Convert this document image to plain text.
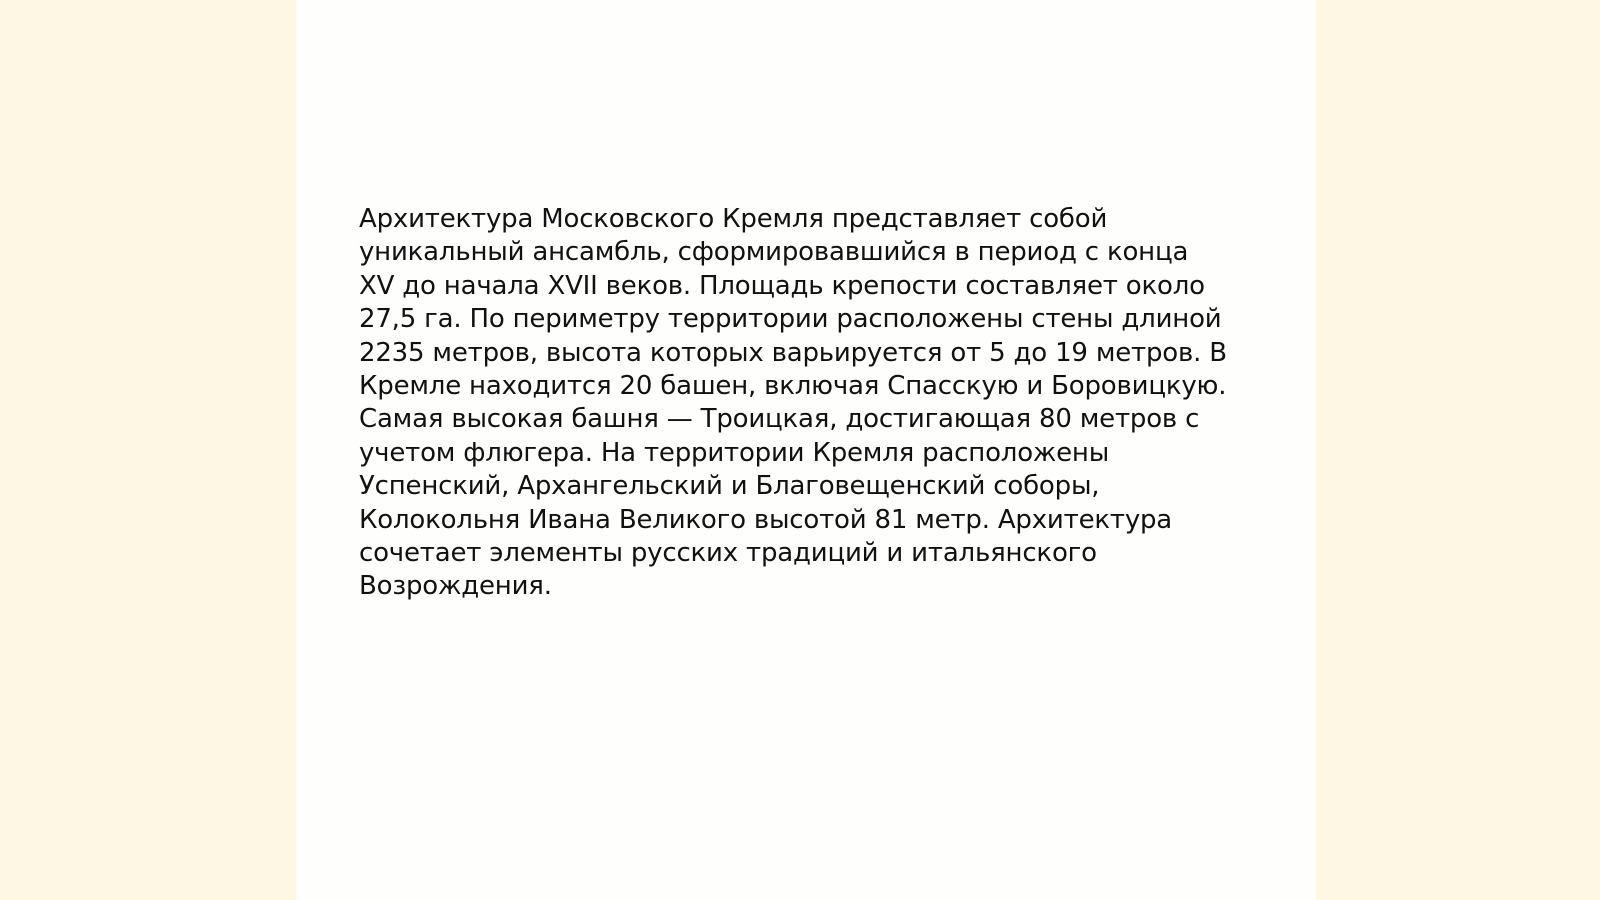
Архитектура Московского Кремля представляет собой
уникальный ансамбль, сформировавшийся в период с конца
XV до начала XVII веков. Площадь крепости составляет около
27,5 га. По периметру территории расположены стены длиной
2235 метров, высота которых варьируется от 5 до 19 метров. В
Кремле находится 20 башен, включая Спасскую и Боровицкую.
Самая высокая башня — Троицкая, достигающая 80 метров с
учетом флюгера. На территории Кремля расположены
Успенский, Архангельский и Благовещенский соборы,
Колокольня Ивана Великого высотой 81 метр. Архитектура
сочетает элементы русских традиций и итальянского
Возрождения.
